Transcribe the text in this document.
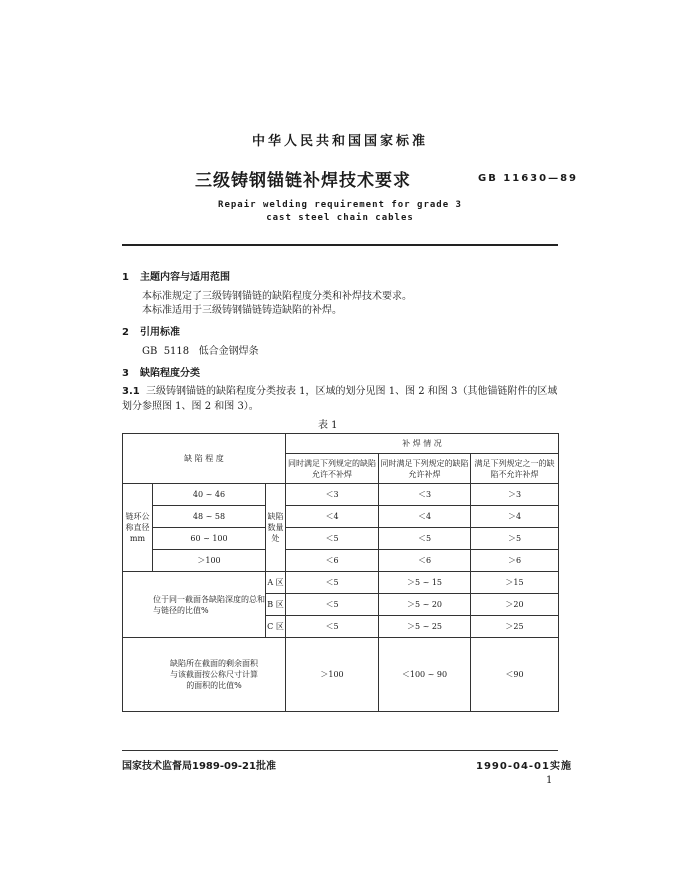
中华人民共和国国家标准
三级铸钢锚链补焊技术要求	GB 11630—89
Repair welding requirement for grade 3
cast steel chain cables
1 主题内容与适用范围
本标准规定了三级铸钢锚链的缺陷程度分类和补焊技术要求。
本标准适用于三级铸钢锚链铸造缺陷的补焊。
2 引用标准
GB  5118   低合金钢焊条
3 缺陷程度分类
3.1 三级铸钢锚链的缺陷程度分类按表 1，区域的划分见图 1、图 2 和图 3（其他锚链附件的区域
划分参照图 1、图 2 和图 3）。
表 1
缺 陷 程 度			补 焊 情 况		
			同时满足下列规定的缺陷允许不补焊	同时满足下列规定的缺陷允许补焊	满足下列规定之一的缺陷不允许补焊
链环公称直径mm	40 ~ 46	缺陷数量处	＜3	＜3	＞3
	48 ~ 58		＜4	＜4	＞4
	60 ~ 100		＜5	＜5	＞5
	＞100		＜6	＜6	＞6
位于同一截面各缺陷深度的总和与链径的比值%		A 区	＜5	＞5 ~ 15	＞15
		B 区	＜5	＞5 ~ 20	＞20
		C 区	＜5	＞5 ~ 25	＞25
缺陷所在截面的剩余面积与该截面按公称尺寸计算的面积的比值%			＞100	＜100 ~ 90	＜90
国家技术监督局1989-09-21批准	1990-04-01实施
1
